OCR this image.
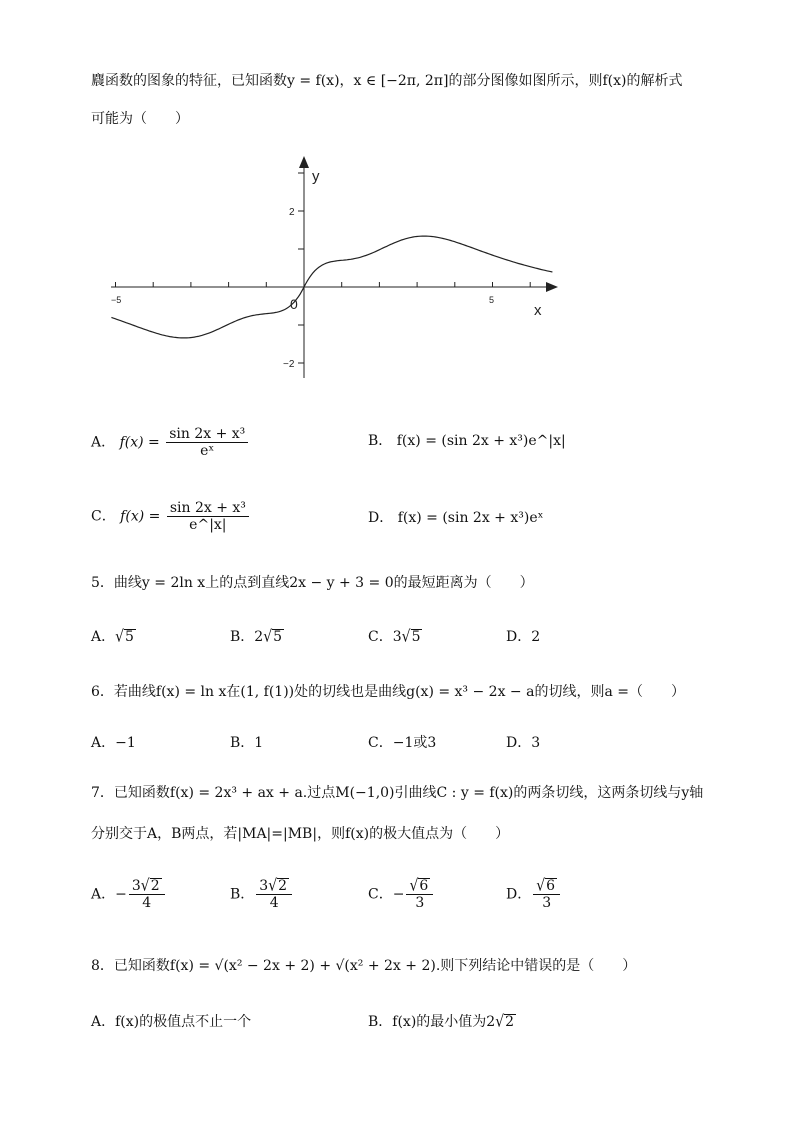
麎函数的图象的特征，已知函数y = f(x)，x ∈ [−2π, 2π]的部分图像如图所示，则f(x)的解析式
可能为（　　）
y
x
0
2
−2
−5	5
A． $f(x) = \frac{\text{sin 2x + x³}}{\text{eˣ}}$	B． f(x) = (sin 2x + x³)e^|x|
C． $f(x) = \frac{\text{sin 2x + x³}}{e\^{}|x|}$	D． f(x) = (sin 2x + x³)eˣ
5．曲线y = 2ln x上的点到直线2x − y + 3 = 0的最短距离为（　　）
A．√5	B．2√5	C．3√5	D．2
6．若曲线f(x) = ln x在(1, f(1))处的切线也是曲线g(x) = x³ − 2x − a的切线，则a =（　　）
A．−1	B．1	C．−1或3	D．3
7．已知函数f(x) = 2x³ + ax + a.过点M(−1,0)引曲线C : y = f(x)的两条切线，这两条切线与y轴
分别交于A，B两点，若|MA|=|MB|，则f(x)的极大值点为（　　）
A．− $\frac{3√2}{4}$	B． $\frac{3√2}{4}$	C．− $\frac{√6}{3}$	D． $\frac{√6}{3}$
8．已知函数f(x) = √(x² − 2x + 2) + √(x² + 2x + 2).则下列结论中错误的是（　　）
A．f(x)的极值点不止一个	B．f(x)的最小值为2√2
